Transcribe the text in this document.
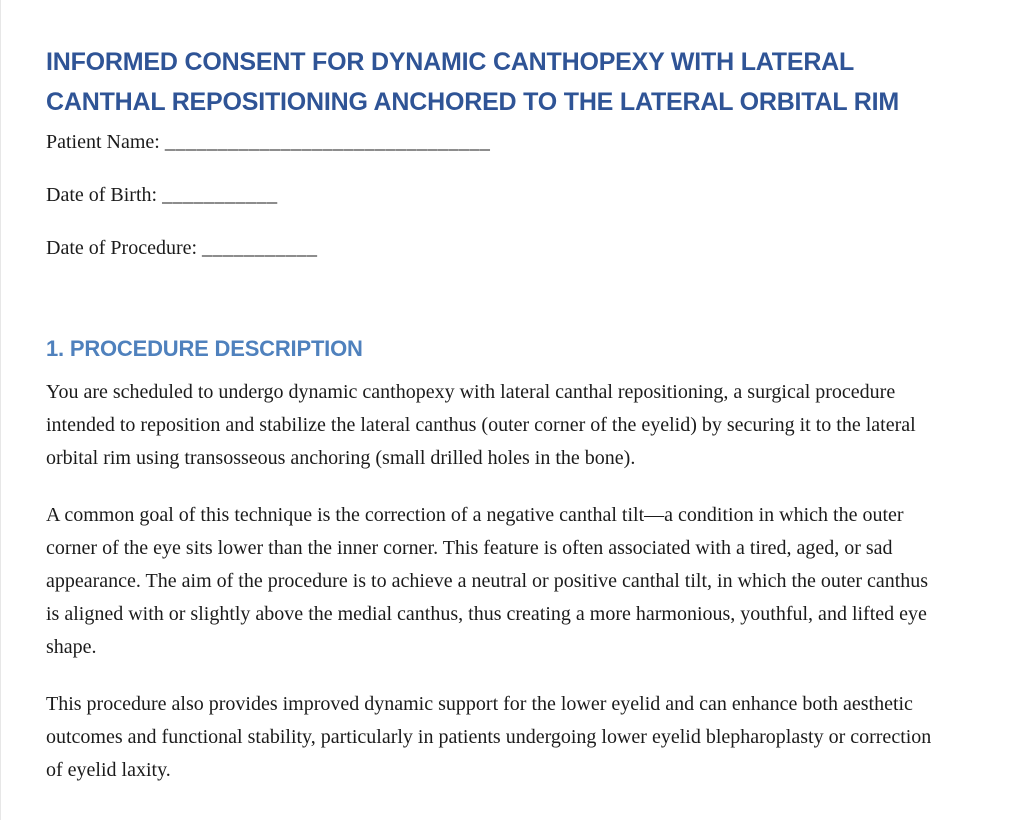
INFORMED CONSENT FOR DYNAMIC CANTHOPEXY WITH LATERAL
CANTHAL REPOSITIONING ANCHORED TO THE LATERAL ORBITAL RIM
Patient Name: _______________________________
Date of Birth: ___________
Date of Procedure: ___________
1. PROCEDURE DESCRIPTION

You are scheduled to undergo dynamic canthopexy with lateral canthal repositioning, a surgical procedure intended to reposition and stabilize the lateral canthus (outer corner of the eyelid) by securing it to the lateral orbital rim using transosseous anchoring (small drilled holes in the bone).

A common goal of this technique is the correction of a negative canthal tilt—a condition in which the outer corner of the eye sits lower than the inner corner. This feature is often associated with a tired, aged, or sad appearance. The aim of the procedure is to achieve a neutral or positive canthal tilt, in which the outer canthus is aligned with or slightly above the medial canthus, thus creating a more harmonious, youthful, and lifted eye shape.

This procedure also provides improved dynamic support for the lower eyelid and can enhance both aesthetic outcomes and functional stability, particularly in patients undergoing lower eyelid blepharoplasty or correction of eyelid laxity.
